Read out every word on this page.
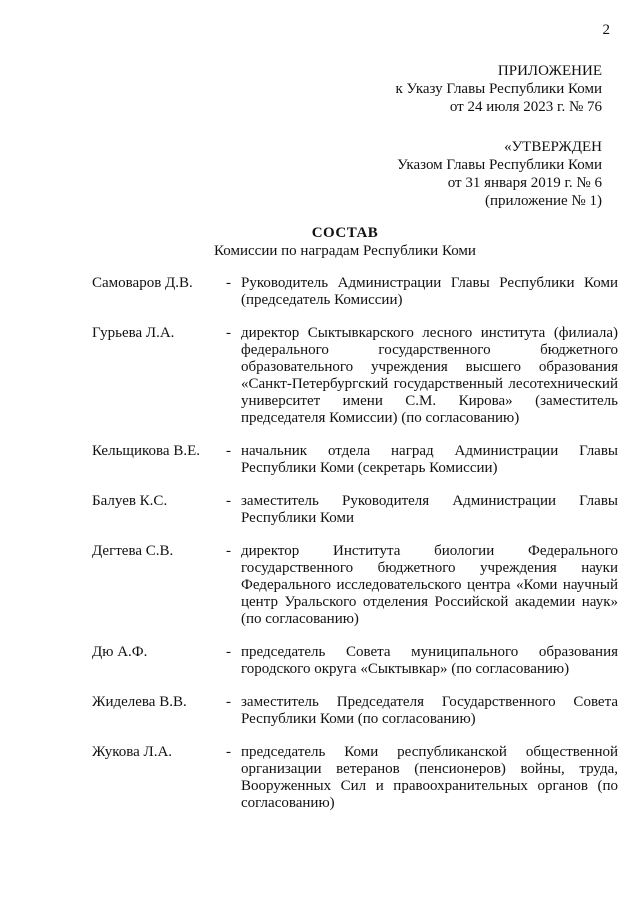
2
ПРИЛОЖЕНИЕ
к Указу Главы Республики Коми
от 24 июля 2023 г. № 76
«УТВЕРЖДЕН
Указом Главы Республики Коми
от 31 января 2019 г. № 6
(приложение № 1)
СОСТАВ
Комиссии по наградам Республики Коми
Самоваров Д.В.	- Руководитель Администрации Главы Республики Коми (председатель Комиссии)
Гурьева Л.А.	- директор Сыктывкарского лесного института (филиала) федерального государственного бюджетного образовательного учреждения высшего образования «Санкт-Петербургский государственный лесотехнический университет имени С.М. Кирова» (заместитель председателя Комиссии) (по согласованию)
Кельщикова В.Е.	- начальник отдела наград Администрации Главы Республики Коми (секретарь Комиссии)
Балуев К.С.	- заместитель Руководителя Администрации Главы Республики Коми
Дегтева С.В.	- директор Института биологии Федерального государственного бюджетного учреждения науки Федерального исследовательского центра «Коми научный центр Уральского отделения Российской академии наук» (по согласованию)
Дю А.Ф.	- председатель Совета муниципального образования городского округа «Сыктывкар» (по согласованию)
Жиделева В.В.	- заместитель Председателя Государственного Совета Республики Коми (по согласованию)
Жукова Л.А.	- председатель Коми республиканской общественной организации ветеранов (пенсионеров) войны, труда, Вооруженных Сил и правоохранительных органов (по согласованию)
